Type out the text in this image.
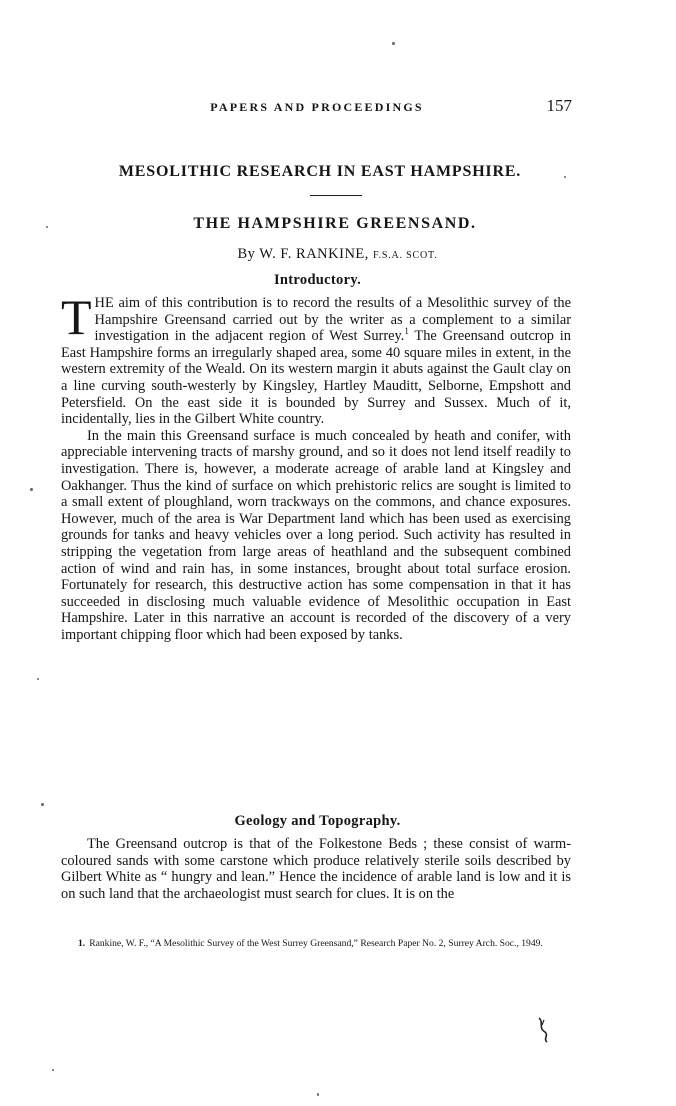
PAPERS AND PROCEEDINGS	157
MESOLITHIC RESEARCH IN EAST HAMPSHIRE.
THE HAMPSHIRE GREENSAND.
By W. F. RANKINE, F.S.A. SCOT.
Introductory.

THE aim of this contribution is to record the results of a Mesolithic survey of the Hampshire Greensand carried out by the writer as a complement to a similar investigation in the adjacent region of West Surrey.$^1$ The Greensand outcrop in East Hampshire forms an irregularly shaped area, some 40 square miles in extent, in the western extremity of the Weald. On its western margin it abuts against the Gault clay on a line curving south-westerly by Kingsley, Hartley Mauditt, Selborne, Empshott and Petersfield. On the east side it is bounded by Surrey and Sussex. Much of it, incidentally, lies in the Gilbert White country.

In the main this Greensand surface is much concealed by heath and conifer, with appreciable intervening tracts of marshy ground, and so it does not lend itself readily to investigation. There is, however, a moderate acreage of arable land at Kingsley and Oakhanger. Thus the kind of surface on which prehistoric relics are sought is limited to a small extent of ploughland, worn trackways on the commons, and chance exposures. However, much of the area is War Department land which has been used as exercising grounds for tanks and heavy vehicles over a long period. Such activity has resulted in stripping the vegetation from large areas of heathland and the subsequent combined action of wind and rain has, in some instances, brought about total surface erosion. Fortunately for research, this destructive action has some compensation in that it has succeeded in disclosing much valuable evidence of Mesolithic occupation in East Hampshire. Later in this narrative an account is recorded of the discovery of a very important chipping floor which had been exposed by tanks.

Geology and Topography.

The Greensand outcrop is that of the Folkestone Beds ; these consist of warm-coloured sands with some carstone which produce relatively sterile soils described by Gilbert White as “ hungry and lean.” Hence the incidence of arable land is low and it is on such land that the archaeologist must search for clues. It is on the

1. Rankine, W. F., “A Mesolithic Survey of the West Surrey Greensand,” Research Paper No. 2, Surrey Arch. Soc., 1949.
